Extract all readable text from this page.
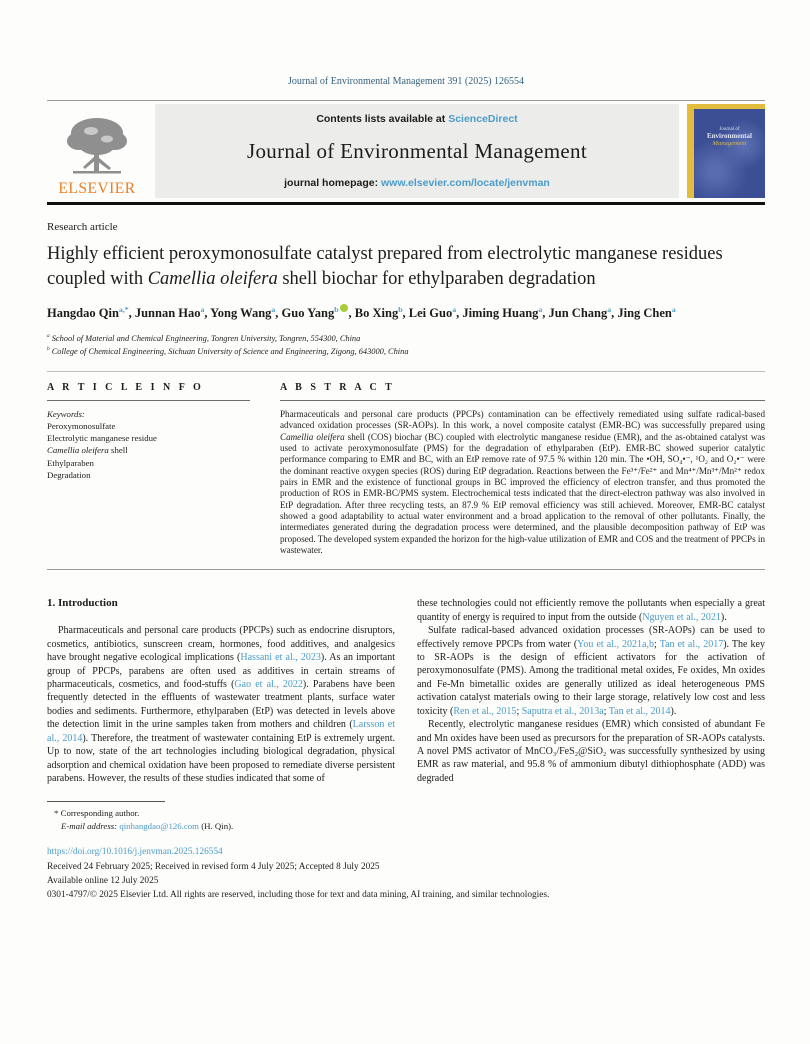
Journal of Environmental Management 391 (2025) 126554
ELSEVIER
Contents lists available at ScienceDirect
Journal of Environmental Management
journal homepage: www.elsevier.com/locate/jenvman
Journal of
Environmental
Management
Research article
Highly efficient peroxymonosulfate catalyst prepared from electrolytic manganese residues coupled with Camellia oleifera shell biochar for ethylparaben degradation
Hangdao Qin$^{a,*}$, Junnan Hao$^a$, Yong Wang$^a$, Guo Yang$^b$ , Bo Xing$^b$, Lei Guo$^a$, Jiming Huang$^a$, Jun Chang$^a$, Jing Chen$^a$
$^a$ School of Material and Chemical Engineering, Tongren University, Tongren, 554300, China
$^b$ College of Chemical Engineering, Sichuan University of Science and Engineering, Zigong, 643000, China
A R T I C L E I N F O
Keywords:
Peroxymonosulfate
Electrolytic manganese residue
Camellia oleifera shell
Ethylparaben
Degradation
A B S T R A C T

Pharmaceuticals and personal care products (PPCPs) contamination can be effectively remediated using sulfate radical-based advanced oxidation processes (SR-AOPs). In this work, a novel composite catalyst (EMR-BC) was successfully prepared using Camellia oleifera shell (COS) biochar (BC) coupled with electrolytic manganese residue (EMR), and the as-obtained catalyst was used to activate peroxymonosulfate (PMS) for the degradation of ethylparaben (EtP). EMR-BC showed superior catalytic performance comparing to EMR and BC, with an EtP remove rate of 97.5 % within 120 min. The •OH, SO₄•⁻, ¹O₂ and O₂•⁻ were the dominant reactive oxygen species (ROS) during EtP degradation. Reactions between the Fe³⁺/Fe²⁺ and Mn⁴⁺/Mn³⁺/Mn²⁺ redox pairs in EMR and the existence of functional groups in BC improved the efficiency of electron transfer, and thus promoted the production of ROS in EMR-BC/PMS system. Electrochemical tests indicated that the direct-electron pathway was also involved in EtP degradation. After three recycling tests, an 87.9 % EtP removal efficiency was still achieved. Moreover, EMR-BC catalyst showed a good adaptability to actual water environment and a broad application to the removal of other pollutants. Finally, the intermediates generated during the degradation process were determined, and the plausible decomposition pathway of EtP was proposed. The developed system expanded the horizon for the high-value utilization of EMR and COS and the treatment of PPCPs in wastewater.

1. Introduction

Pharmaceuticals and personal care products (PPCPs) such as endocrine disruptors, cosmetics, antibiotics, sunscreen cream, hormones, food additives, and analgesics have brought negative ecological implications (Hassani et al., 2023). As an important group of PPCPs, parabens are often used as additives in certain streams of pharmaceuticals, cosmetics, and food-stuffs (Gao et al., 2022). Parabens have been frequently detected in the effluents of wastewater treatment plants, surface water bodies and sediments. Furthermore, ethylparaben (EtP) was detected in levels above the detection limit in the urine samples taken from mothers and children (Larsson et al., 2014). Therefore, the treatment of wastewater containing EtP is extremely urgent. Up to now, state of the art technologies including biological degradation, physical adsorption and chemical oxidation have been proposed to remediate diverse persistent parabens. However, the results of these studies indicated that some of

these technologies could not efficiently remove the pollutants when especially a great quantity of energy is required to input from the outside (Nguyen et al., 2021).

Sulfate radical-based advanced oxidation processes (SR-AOPs) can be used to effectively remove PPCPs from water (You et al., 2021a,b; Tan et al., 2017). The key to SR-AOPs is the design of efficient activators for the activation of peroxymonosulfate (PMS). Among the traditional metal oxides, Fe oxides, Mn oxides and Fe-Mn bimetallic oxides are generally utilized as ideal heterogeneous PMS activation catalyst materials owing to their large storage, relatively low cost and less toxicity (Ren et al., 2015; Saputra et al., 2013a; Tan et al., 2014).

Recently, electrolytic manganese residues (EMR) which consisted of abundant Fe and Mn oxides have been used as precursors for the preparation of SR-AOPs catalysts. A novel PMS activator of MnCO₃/FeS₂@SiO₂ was successfully synthesized by using EMR as raw material, and 95.8 % of ammonium dibutyl dithiophosphate (ADD) was degraded

* Corresponding author.
E-mail address: qinhangdao@126.com (H. Qin).
https://doi.org/10.1016/j.jenvman.2025.126554
Received 24 February 2025; Received in revised form 4 July 2025; Accepted 8 July 2025
Available online 12 July 2025
0301-4797/© 2025 Elsevier Ltd. All rights are reserved, including those for text and data mining, AI training, and similar technologies.
